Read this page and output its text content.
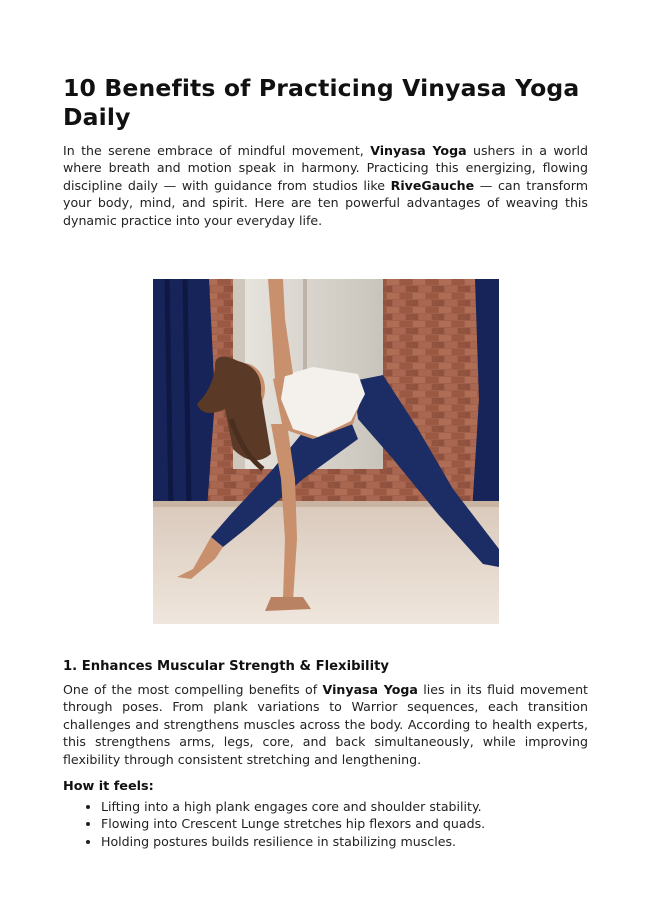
10 Benefits of Practicing Vinyasa Yoga Daily

In the serene embrace of mindful movement, Vinyasa Yoga ushers in a world where breath and motion speak in harmony. Practicing this energizing, flowing discipline daily — with guidance from studios like RiveGauche — can transform your body, mind, and spirit. Here are ten powerful advantages of weaving this dynamic practice into your everyday life.

1. Enhances Muscular Strength & Flexibility

One of the most compelling benefits of Vinyasa Yoga lies in its fluid movement through poses. From plank variations to Warrior sequences, each transition challenges and strengthens muscles across the body. According to health experts, this strengthens arms, legs, core, and back simultaneously, while improving flexibility through consistent stretching and lengthening.

How it feels:
• Lifting into a high plank engages core and shoulder stability.
• Flowing into Crescent Lunge stretches hip flexors and quads.
• Holding postures builds resilience in stabilizing muscles.
